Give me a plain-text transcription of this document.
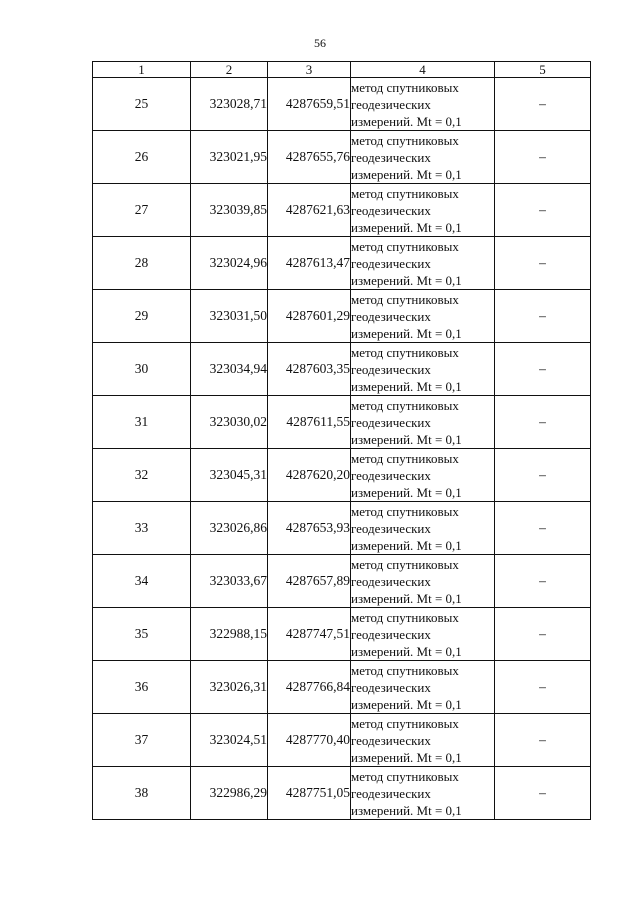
56
1	2	3	4	5
25	323028,71	4287659,51	метод спутниковых
геодезических
измерений. Mt = 0,1	–
26	323021,95	4287655,76	метод спутниковых
геодезических
измерений. Mt = 0,1	–
27	323039,85	4287621,63	метод спутниковых
геодезических
измерений. Mt = 0,1	–
28	323024,96	4287613,47	метод спутниковых
геодезических
измерений. Mt = 0,1	–
29	323031,50	4287601,29	метод спутниковых
геодезических
измерений. Mt = 0,1	–
30	323034,94	4287603,35	метод спутниковых
геодезических
измерений. Mt = 0,1	–
31	323030,02	4287611,55	метод спутниковых
геодезических
измерений. Mt = 0,1	–
32	323045,31	4287620,20	метод спутниковых
геодезических
измерений. Mt = 0,1	–
33	323026,86	4287653,93	метод спутниковых
геодезических
измерений. Mt = 0,1	–
34	323033,67	4287657,89	метод спутниковых
геодезических
измерений. Mt = 0,1	–
35	322988,15	4287747,51	метод спутниковых
геодезических
измерений. Mt = 0,1	–
36	323026,31	4287766,84	метод спутниковых
геодезических
измерений. Mt = 0,1	–
37	323024,51	4287770,40	метод спутниковых
геодезических
измерений. Mt = 0,1	–
38	322986,29	4287751,05	метод спутниковых
геодезических
измерений. Mt = 0,1	–
